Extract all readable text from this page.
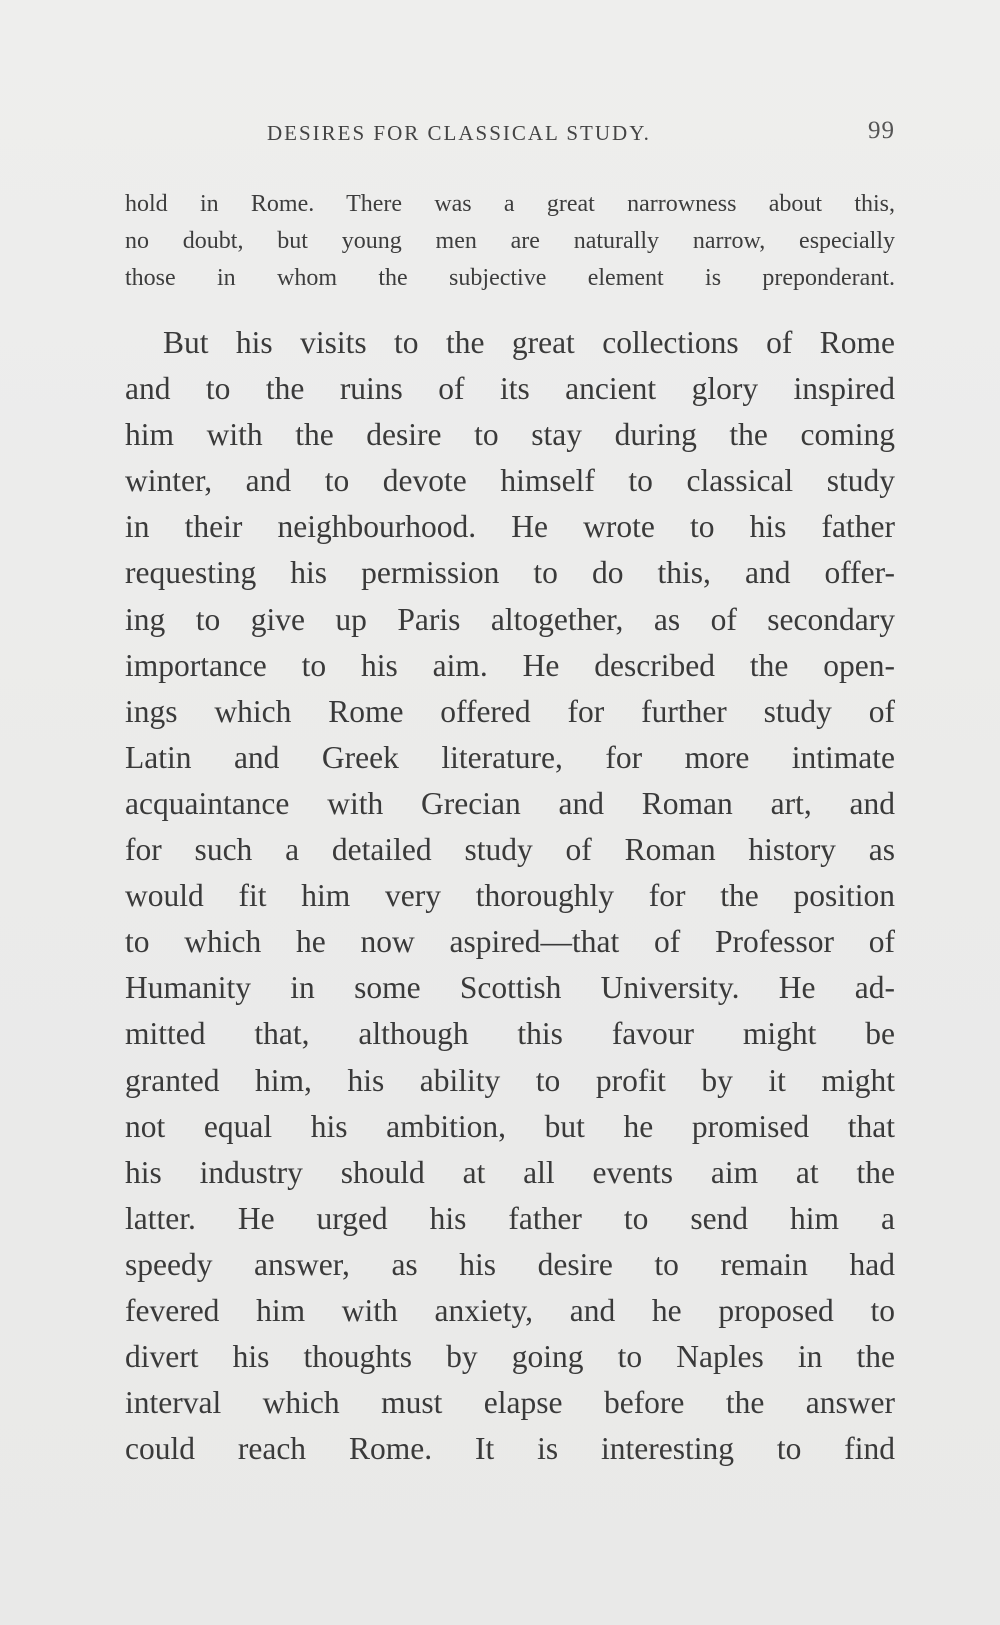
DESIRES FOR CLASSICAL STUDY.	99
hold in Rome. There was a great narrowness about this,
no doubt, but young men are naturally narrow, especially
those in whom the subjective element is preponderant.
But his visits to the great collections of Rome
and to the ruins of its ancient glory inspired
him with the desire to stay during the coming
winter, and to devote himself to classical study
in their neighbourhood. He wrote to his father
requesting his permission to do this, and offer-
ing to give up Paris altogether, as of secondary
importance to his aim. He described the open-
ings which Rome offered for further study of
Latin and Greek literature, for more intimate
acquaintance with Grecian and Roman art, and
for such a detailed study of Roman history as
would fit him very thoroughly for the position
to which he now aspired—that of Professor of
Humanity in some Scottish University. He ad-
mitted that, although this favour might be
granted him, his ability to profit by it might
not equal his ambition, but he promised that
his industry should at all events aim at the
latter. He urged his father to send him a
speedy answer, as his desire to remain had
fevered him with anxiety, and he proposed to
divert his thoughts by going to Naples in the
interval which must elapse before the answer
could reach Rome. It is interesting to find
